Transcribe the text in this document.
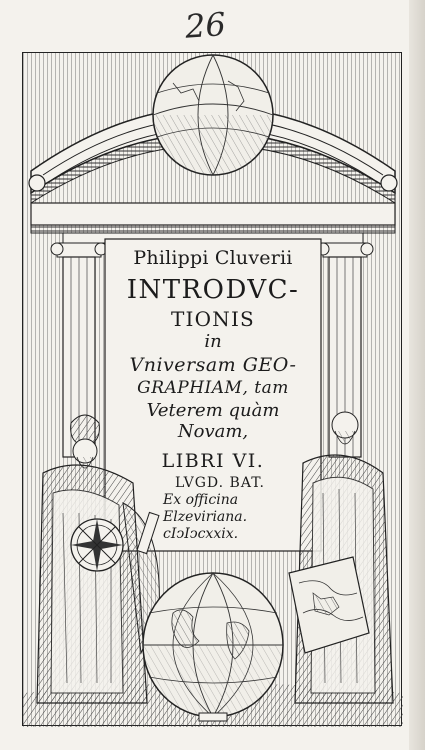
26
Philippi Cluverii
INTRODVC-
TIONIS
in
Vniversam GEO-
GRAPHIAM, tam
Veterem quàm
Novam,
LIBRI VI.
LVGD. BAT.
Ex officina
Elzeviriana.
cIↄIↄcxxix.
